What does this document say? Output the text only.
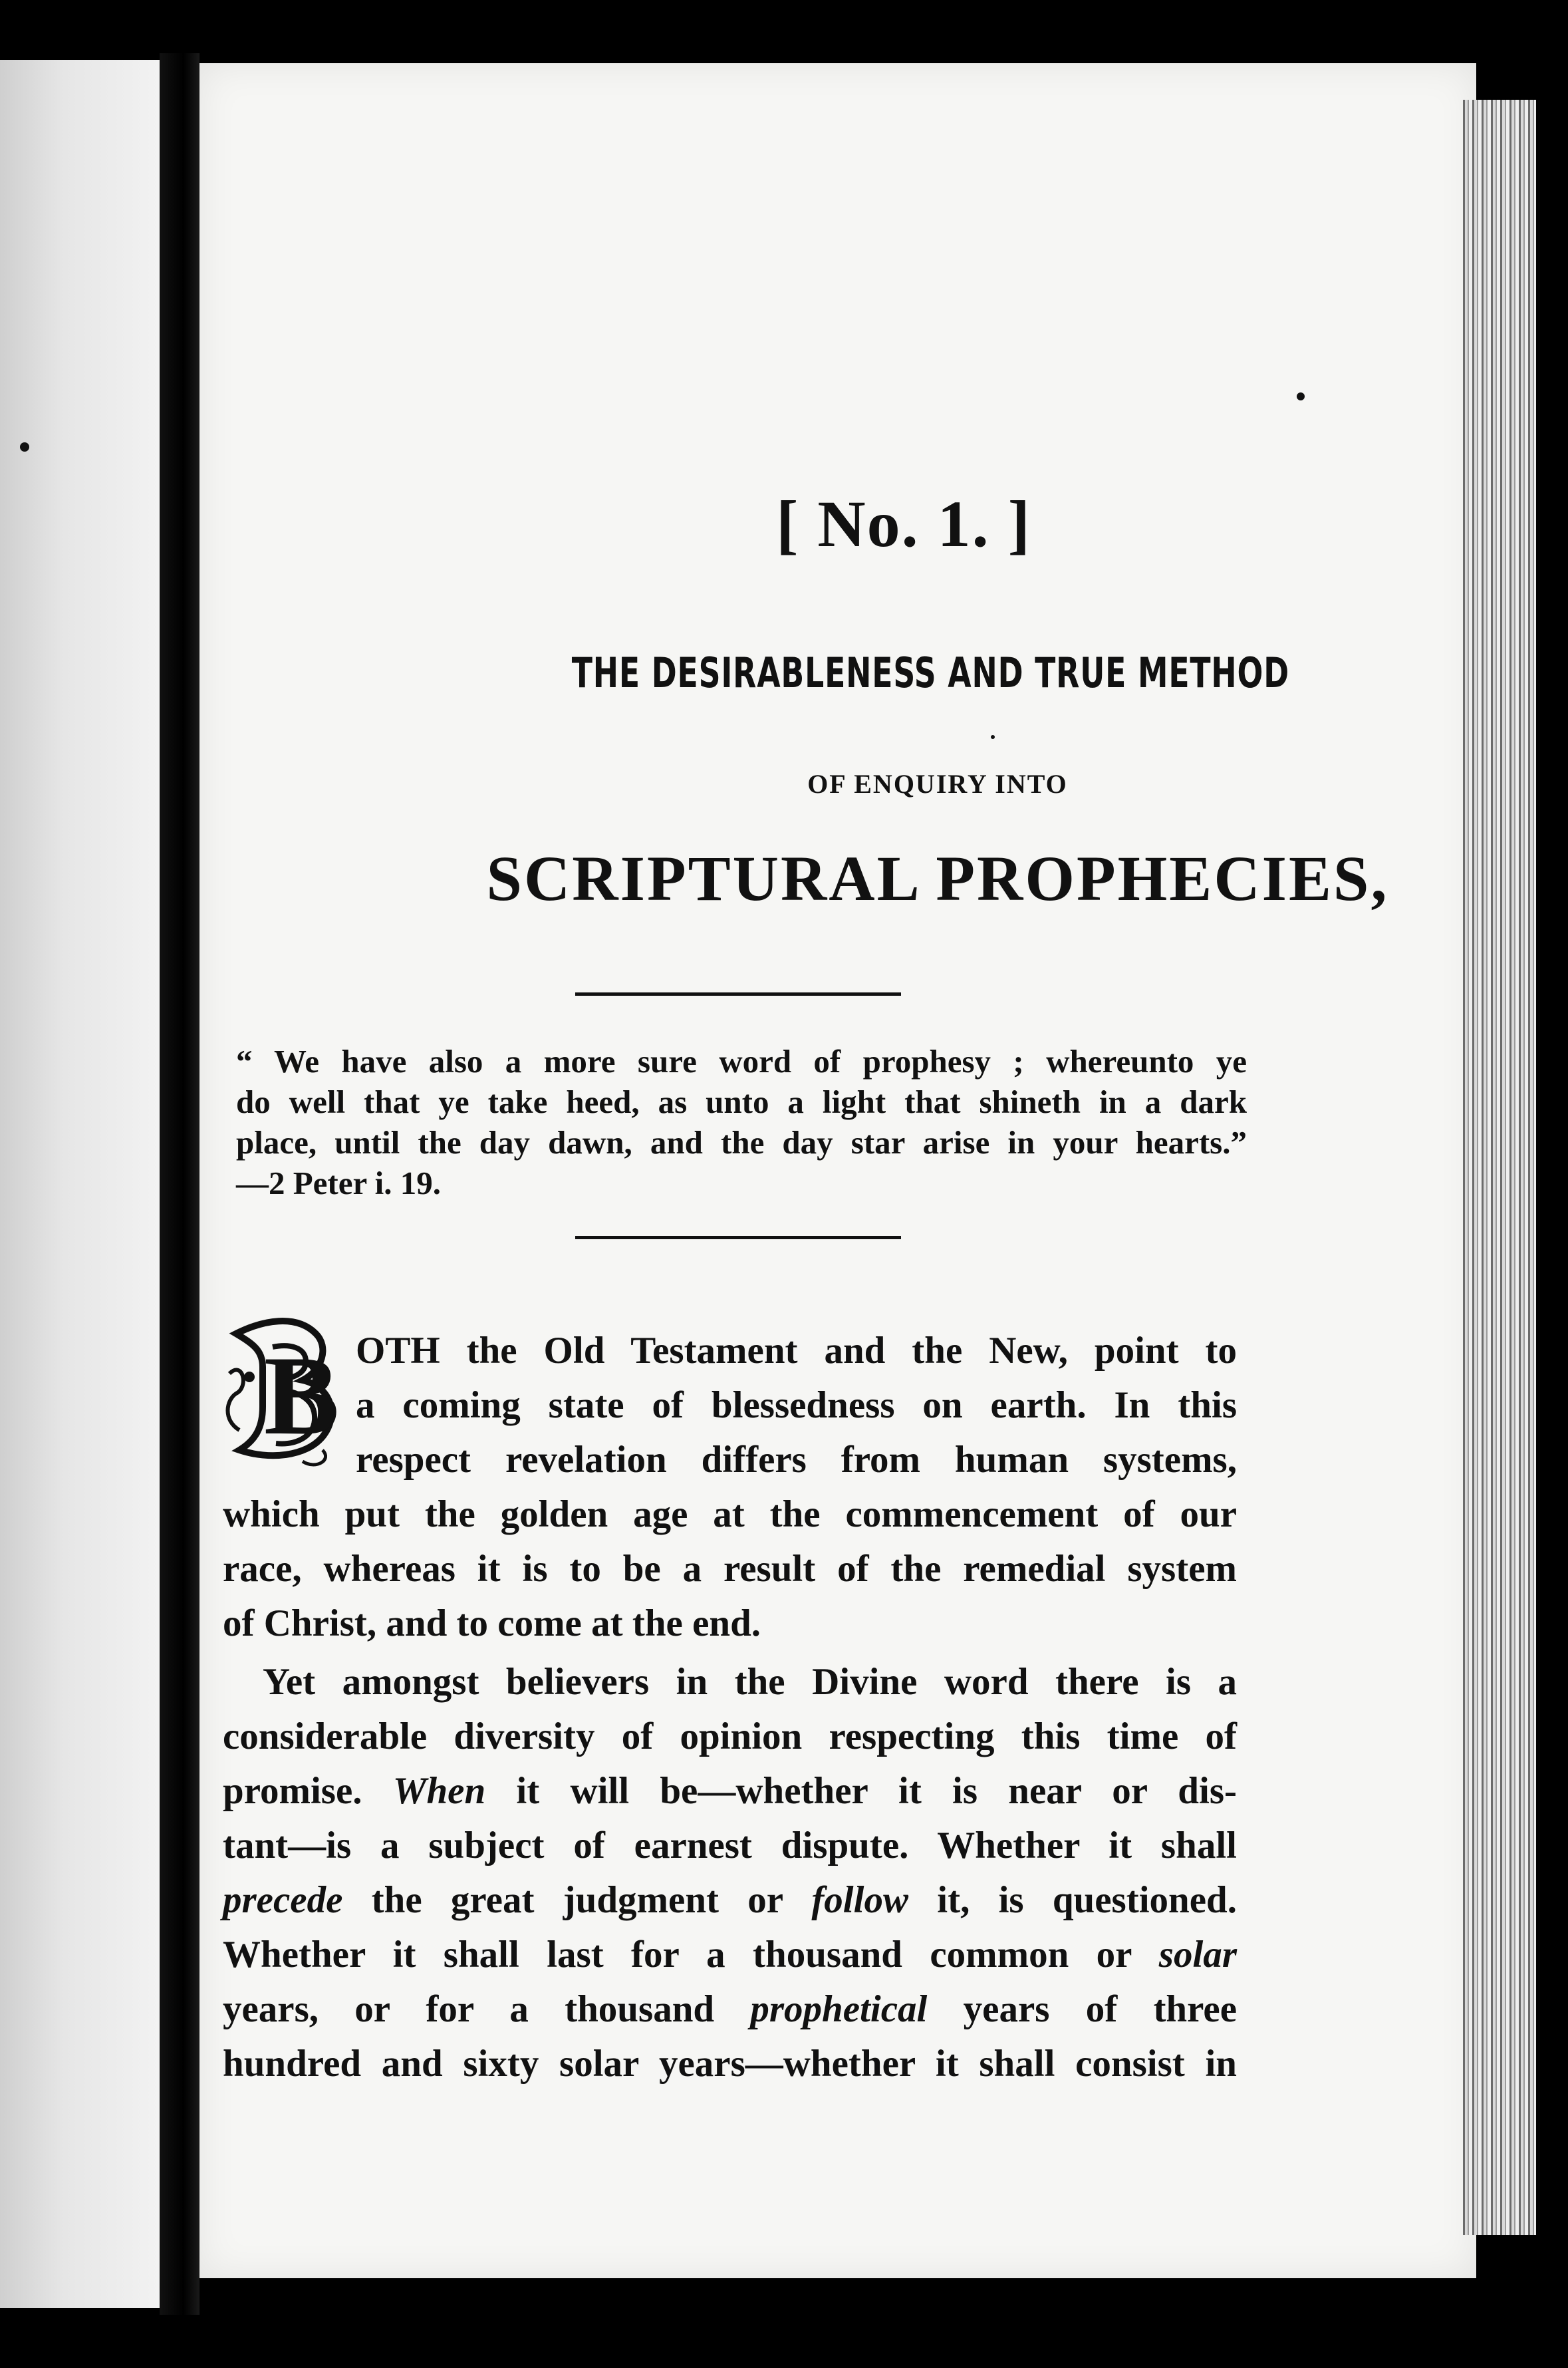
[ No. 1. ]
THE DESIRABLENESS AND TRUE METHOD
OF ENQUIRY INTO
SCRIPTURAL PROPHECIES,
“ We have also a more sure word of prophesy ; whereunto ye
do well that ye take heed, as unto a light that shineth in a dark
place, until the day dawn, and the day star arise in your hearts.”
—2 Peter i. 19.
B OTH the Old Testament and the New, point to
a coming state of blessedness on earth. In this
respect revelation differs from human systems,
which put the golden age at the commencement of our
race, whereas it is to be a result of the remedial system
of Christ, and to come at the end.
Yet amongst believers in the Divine word there is a
considerable diversity of opinion respecting this time of
promise. When it will be—whether it is near or dis-
tant—is a subject of earnest dispute. Whether it shall
precede the great judgment or follow it, is questioned.
Whether it shall last for a thousand common or solar
years, or for a thousand prophetical years of three
hundred and sixty solar years—whether it shall consist in
